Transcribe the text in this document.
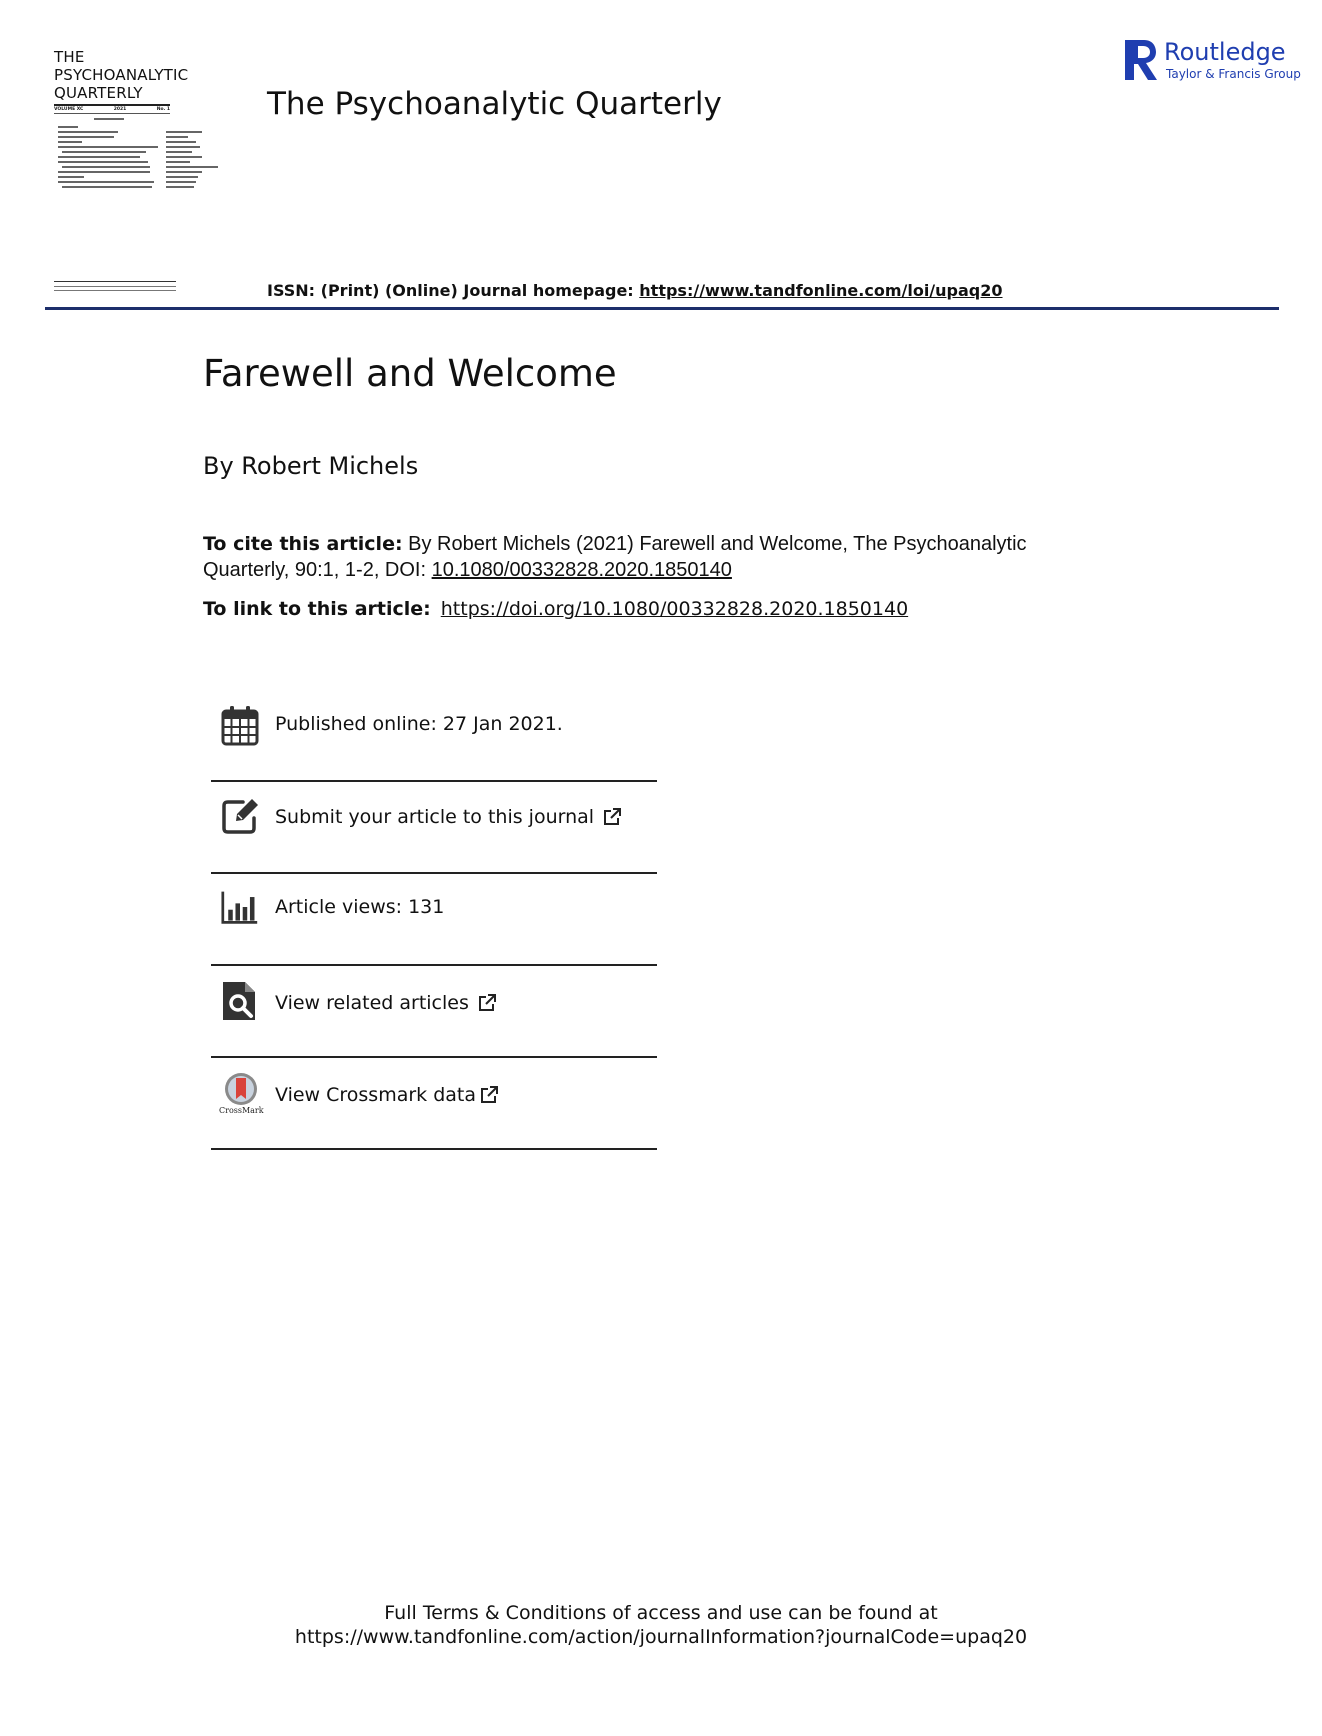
THE
PSYCHOANALYTIC
QUARTERLY
VOLUME XC	2021	No. 1	The Psychoanalytic Quarterly
Routledge
Taylor & Francis Group
ISSN: (Print) (Online) Journal homepage: https://www.tandfonline.com/loi/upaq20
Farewell and Welcome
By Robert Michels
To cite this article: By Robert Michels (2021) Farewell and Welcome, The Psychoanalytic Quarterly, 90:1, 1-2, DOI: 10.1080/00332828.2020.1850140
To link to this article: https://doi.org/10.1080/00332828.2020.1850140
Published online: 27 Jan 2021.
Submit your article to this journal
Article views: 131
View related articles
CrossMark
View Crossmark data
Full Terms & Conditions of access and use can be found at
https://www.tandfonline.com/action/journalInformation?journalCode=upaq20
